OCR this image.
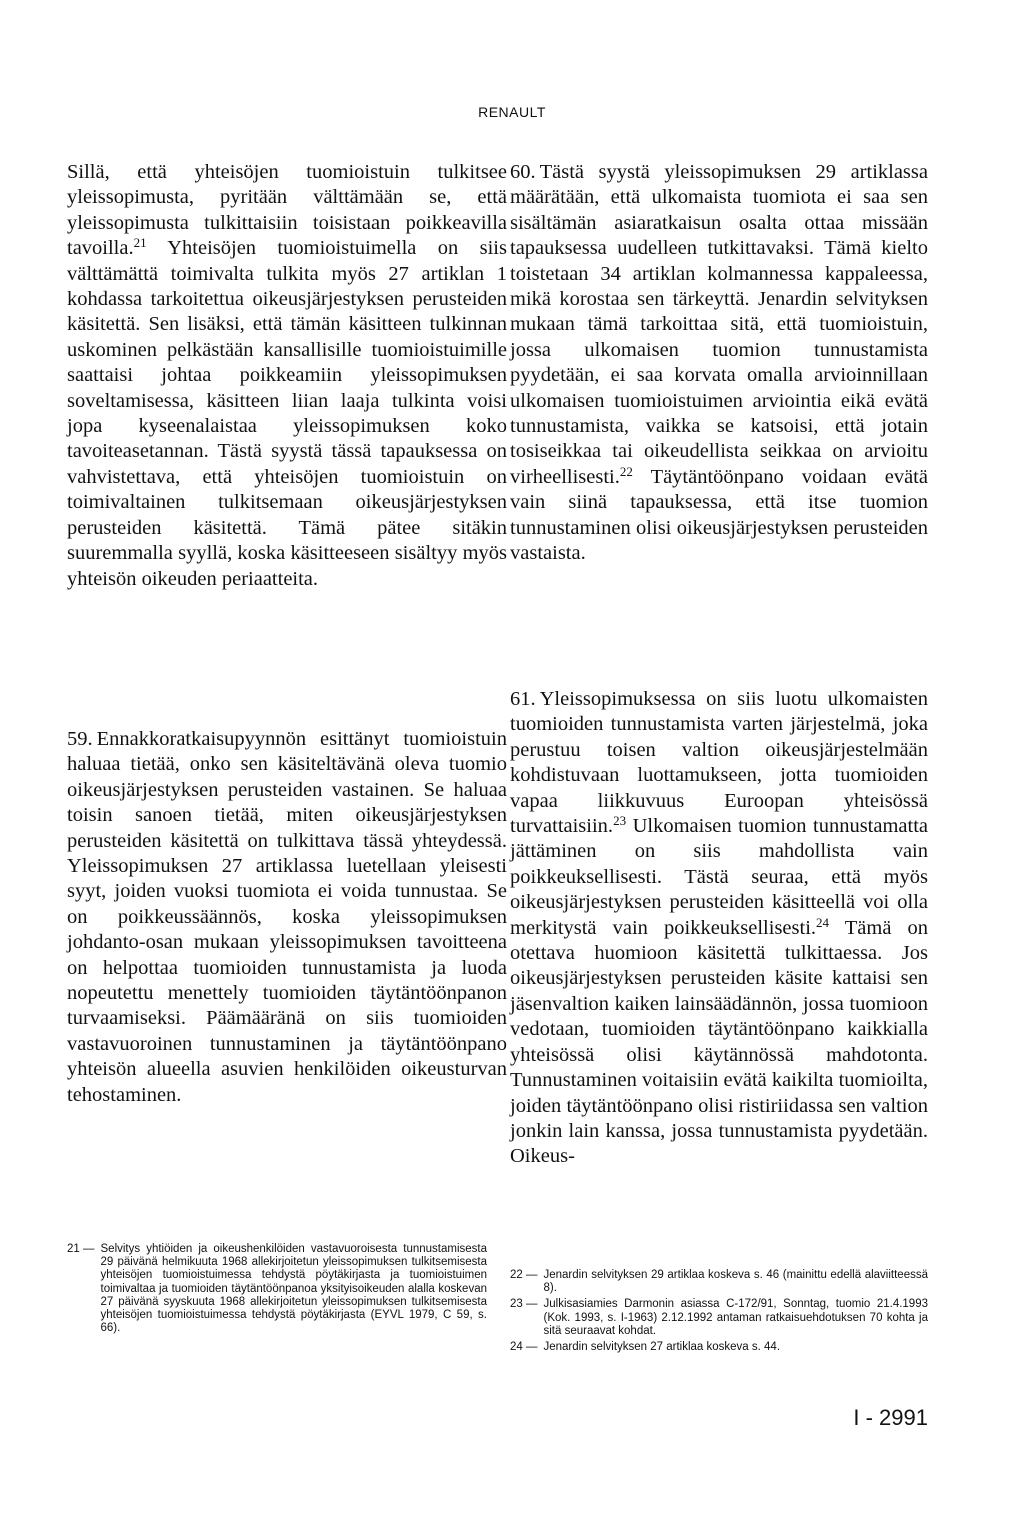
RENAULT

Sillä, että yhteisöjen tuomioistuin tulkitsee yleissopimusta, pyritään välttämään se, että yleissopimusta tulkittaisiin toisistaan poikkeavilla tavoilla.$^{21}$ Yhteisöjen tuomioistuimella on siis välttämättä toimivalta tulkita myös 27 artiklan 1 kohdassa tarkoitettua oikeusjärjestyksen perusteiden käsitettä. Sen lisäksi, että tämän käsitteen tulkinnan uskominen pelkästään kansallisille tuomioistuimille saattaisi johtaa poikkeamiin yleissopimuksen soveltamisessa, käsitteen liian laaja tulkinta voisi jopa kyseenalaistaa yleissopimuksen koko tavoiteasetannan. Tästä syystä tässä tapauksessa on vahvistettava, että yhteisöjen tuomioistuin on toimivaltainen tulkitsemaan oikeusjärjestyksen perusteiden käsitettä. Tämä pätee sitäkin suuremmalla syyllä, koska käsitteeseen sisältyy myös yhteisön oikeuden periaatteita.

59. Ennakkoratkaisupyynnön esittänyt tuomioistuin haluaa tietää, onko sen käsiteltävänä oleva tuomio oikeusjärjestyksen perusteiden vastainen. Se haluaa toisin sanoen tietää, miten oikeusjärjestyksen perusteiden käsitettä on tulkittava tässä yhteydessä. Yleissopimuksen 27 artiklassa luetellaan yleisesti syyt, joiden vuoksi tuomiota ei voida tunnustaa. Se on poikkeussäännös, koska yleissopimuksen johdanto-osan mukaan yleissopimuksen tavoitteena on helpottaa tuomioiden tunnustamista ja luoda nopeutettu menettely tuomioiden täytäntöönpanon turvaamiseksi. Päämääränä on siis tuomioiden vastavuoroinen tunnustaminen ja täytäntöönpano yhteisön alueella asuvien henkilöiden oikeusturvan tehostaminen.

60. Tästä syystä yleissopimuksen 29 artiklassa määrätään, että ulkomaista tuomiota ei saa sen sisältämän asiaratkaisun osalta ottaa missään tapauksessa uudelleen tutkittavaksi. Tämä kielto toistetaan 34 artiklan kolmannessa kappaleessa, mikä korostaa sen tärkeyttä. Jenardin selvityksen mukaan tämä tarkoittaa sitä, että tuomioistuin, jossa ulkomaisen tuomion tunnustamista pyydetään, ei saa korvata omalla arvioinnillaan ulkomaisen tuomioistuimen arviointia eikä evätä tunnustamista, vaikka se katsoisi, että jotain tosiseikkaa tai oikeudellista seikkaa on arvioitu virheellisesti.$^{22}$ Täytäntöönpano voidaan evätä vain siinä tapauksessa, että itse tuomion tunnustaminen olisi oikeusjärjestyksen perusteiden vastaista.

61. Yleissopimuksessa on siis luotu ulkomaisten tuomioiden tunnustamista varten järjestelmä, joka perustuu toisen valtion oikeusjärjestelmään kohdistuvaan luottamukseen, jotta tuomioiden vapaa liikkuvuus Euroopan yhteisössä turvattaisiin.$^{23}$ Ulkomaisen tuomion tunnustamatta jättäminen on siis mahdollista vain poikkeuksellisesti. Tästä seuraa, että myös oikeusjärjestyksen perusteiden käsitteellä voi olla merkitystä vain poikkeuksellisesti.$^{24}$ Tämä on otettava huomioon käsitettä tulkittaessa. Jos oikeusjärjestyksen perusteiden käsite kattaisi sen jäsenvaltion kaiken lainsäädännön, jossa tuomioon vedotaan, tuomioiden täytäntöönpano kaikkialla yhteisössä olisi käytännössä mahdotonta. Tunnustaminen voitaisiin evätä kaikilta tuomioilta, joiden täytäntöönpano olisi ristiriidassa sen valtion jonkin lain kanssa, jossa tunnustamista pyydetään. Oikeus-

21 — Selvitys yhtiöiden ja oikeushenkilöiden vastavuoroisesta tunnustamisesta 29 päivänä helmikuuta 1968 allekirjoitetun yleissopimuksen tulkitsemisesta yhteisöjen tuomioistuimessa tehdystä pöytäkirjasta ja tuomioistuimen toimivaltaa ja tuomioiden täytäntöönpanoa yksityisoikeuden alalla koskevan 27 päivänä syyskuuta 1968 allekirjoitetun yleissopimuksen tulkitsemisesta yhteisöjen tuomioistuimessa tehdystä pöytäkirjasta (EYVL 1979, C 59, s. 66).
22 — Jenardin selvityksen 29 artiklaa koskeva s. 46 (mainittu edellä alaviitteessä 8).
23 — Julkisasiamies Darmonin asiassa C-172/91, Sonntag, tuomio 21.4.1993 (Kok. 1993, s. I-1963) 2.12.1992 antaman ratkaisuehdotuksen 70 kohta ja sitä seuraavat kohdat.
24 — Jenardin selvityksen 27 artiklaa koskeva s. 44.
I - 2991
